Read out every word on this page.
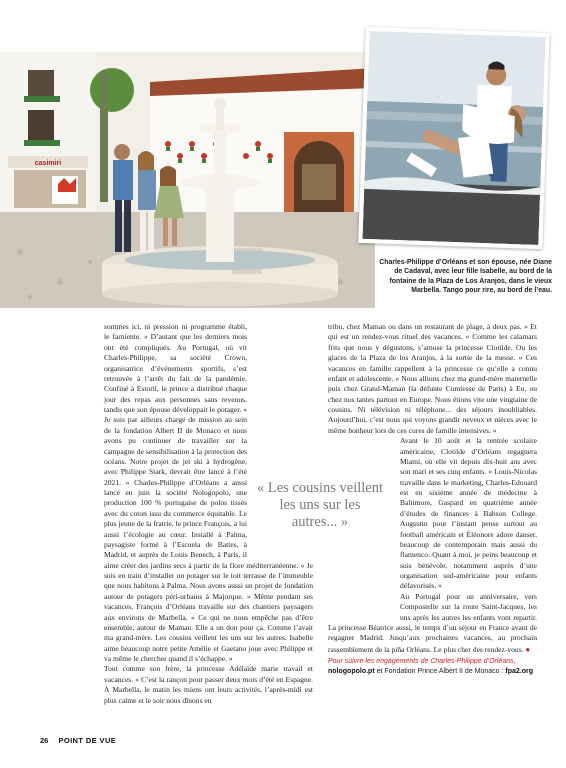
casimiri
Charles-Philippe d’Orléans et son épouse, née Diane de Cadaval, avec leur fille Isabelle, au bord de la fontaine de la Plaza de Los Aranjos, dans le vieux Marbella. Tango pour rire, au bord de l’eau.

sommes ici, ni pression ni programme établi, le farniente. » D’autant que les derniers mois ont été compliqués. Au Portugal, où vit Charles-Philippe, sa société Crown, organisatrice d’événements sportifs, s’est retrouvée à l’arrêt du fait de la pandémie. Confiné à Estoril, le prince a distribué chaque jour des repas aux personnes sans revenus, tandis que son épouse développait le potager. « Je suis par ailleurs chargé de mission au sein de la fondation Albert II de Monaco et nous avons pu continuer de travailler sur la campagne de sensibilisation à la protection des océans. Notre projet de jet ski à hydrogène, avec Philippe Stark, devrait être lancé à l’été 2021. » Charles-Philippe d’Orléans a aussi lancé en juin la société Nologopolo, une production 100 % portugaise de polos tissés avec du coton issu du commerce équitable. Le plus jeune de la fratrie, le prince François, a lui aussi l’écologie au cœur. Installé à Palma, paysagiste formé à l’Escuela de Battes, à Madrid, et auprès de Louis Benech, à Paris, il aime créer des jardins secs à partir de la flore méditerranéenne. « Je suis en train d’installer un potager sur le toit terrasse de l’immeuble que nous habitons à Palma. Nous avons aussi un projet de fondation autour de potagers péri-urbains à Majorque. » Même pendant ses vacances, François d’Orléans travaille sur des chantiers paysagers aux environs de Marbella. « Ce qui ne nous empêche pas d’être ensemble, autour de Maman. Elle a un don pour ça. Comme l’avait ma grand-mère. Les cousins veillent les uns sur les autres. Isabelle aime beaucoup notre petite Amélie et Gaetano joue avec Philippe et va même le chercher quand il s’échappe. »

Tout comme son frère, la princesse Adélaïde marie travail et vacances. « C’est la rançon pour passer deux mois d’été en Espagne. À Marbella, le matin les miens ont leurs activités, l’après-midi est plus calme et le soir nous dînons en

tribu, chez Maman ou dans un restaurant de plage, à deux pas. » Et qui est un rendez-vous rituel des vacances. « Comme les calamars frits que nous y dégustons, s’amuse la princesse Clotilde. Ou les glaces de la Plaza de los Aranjos, à la sortie de la messe. » Ces vacances en famille rappellent à la princesse ce qu’elle a connu enfant et adolescente. « Nous allions chez ma grand-mère maternelle puis chez Grand-Maman (la défunte Comtesse de Paris) à Eu, ou chez nos tantes partout en Europe. Nous étions vite une vingtaine de cousins. Ni télévision ni téléphone... des séjours inoubliables. Aujourd’hui, c’est nous qui voyons grandir neveux et nièces avec le même bonheur lors de ces cures de famille intensives. »

Avant le 10 août et la rentrée scolaire américaine, Clotilde d’Orléans regagnera Miami, où elle vit depuis dix-huit ans avec son mari et ses cinq enfants. « Louis-Nicolas travaille dans le marketing, Charles-Edouard est en sixième année de médecine à Baltimore, Gaspard en quatrième année d’études de finances à Babson College. Augustin pour l’instant pense surtout au football américain et Éléonore adore danser, beaucoup de contemporain mais aussi du flamenco. Quant à moi, je peins beaucoup et suis bénévole, notamment auprès d’une organisation sud-américaine pour enfants défavorisés. »

Au Portugal pour un anniversaire, vers Compostelle sur la route Saint-Jacques, les uns après les autres les enfants vont repartir. La princesse Béatrice aussi, le temps d’un séjour en France avant de regagner Madrid. Jusqu’aux prochaines vacances, au prochain rassemblement de la piña Orléans. Le plus cher des rendez-vous. ●

Pour suivre les engagements de Charles-Philippe d’Orléans, nologopolo.pt et Fondation Prince Albert II de Monaco : fpa2.org
« Les cousins veillent les uns sur les autres... »
26 POINT DE VUE
